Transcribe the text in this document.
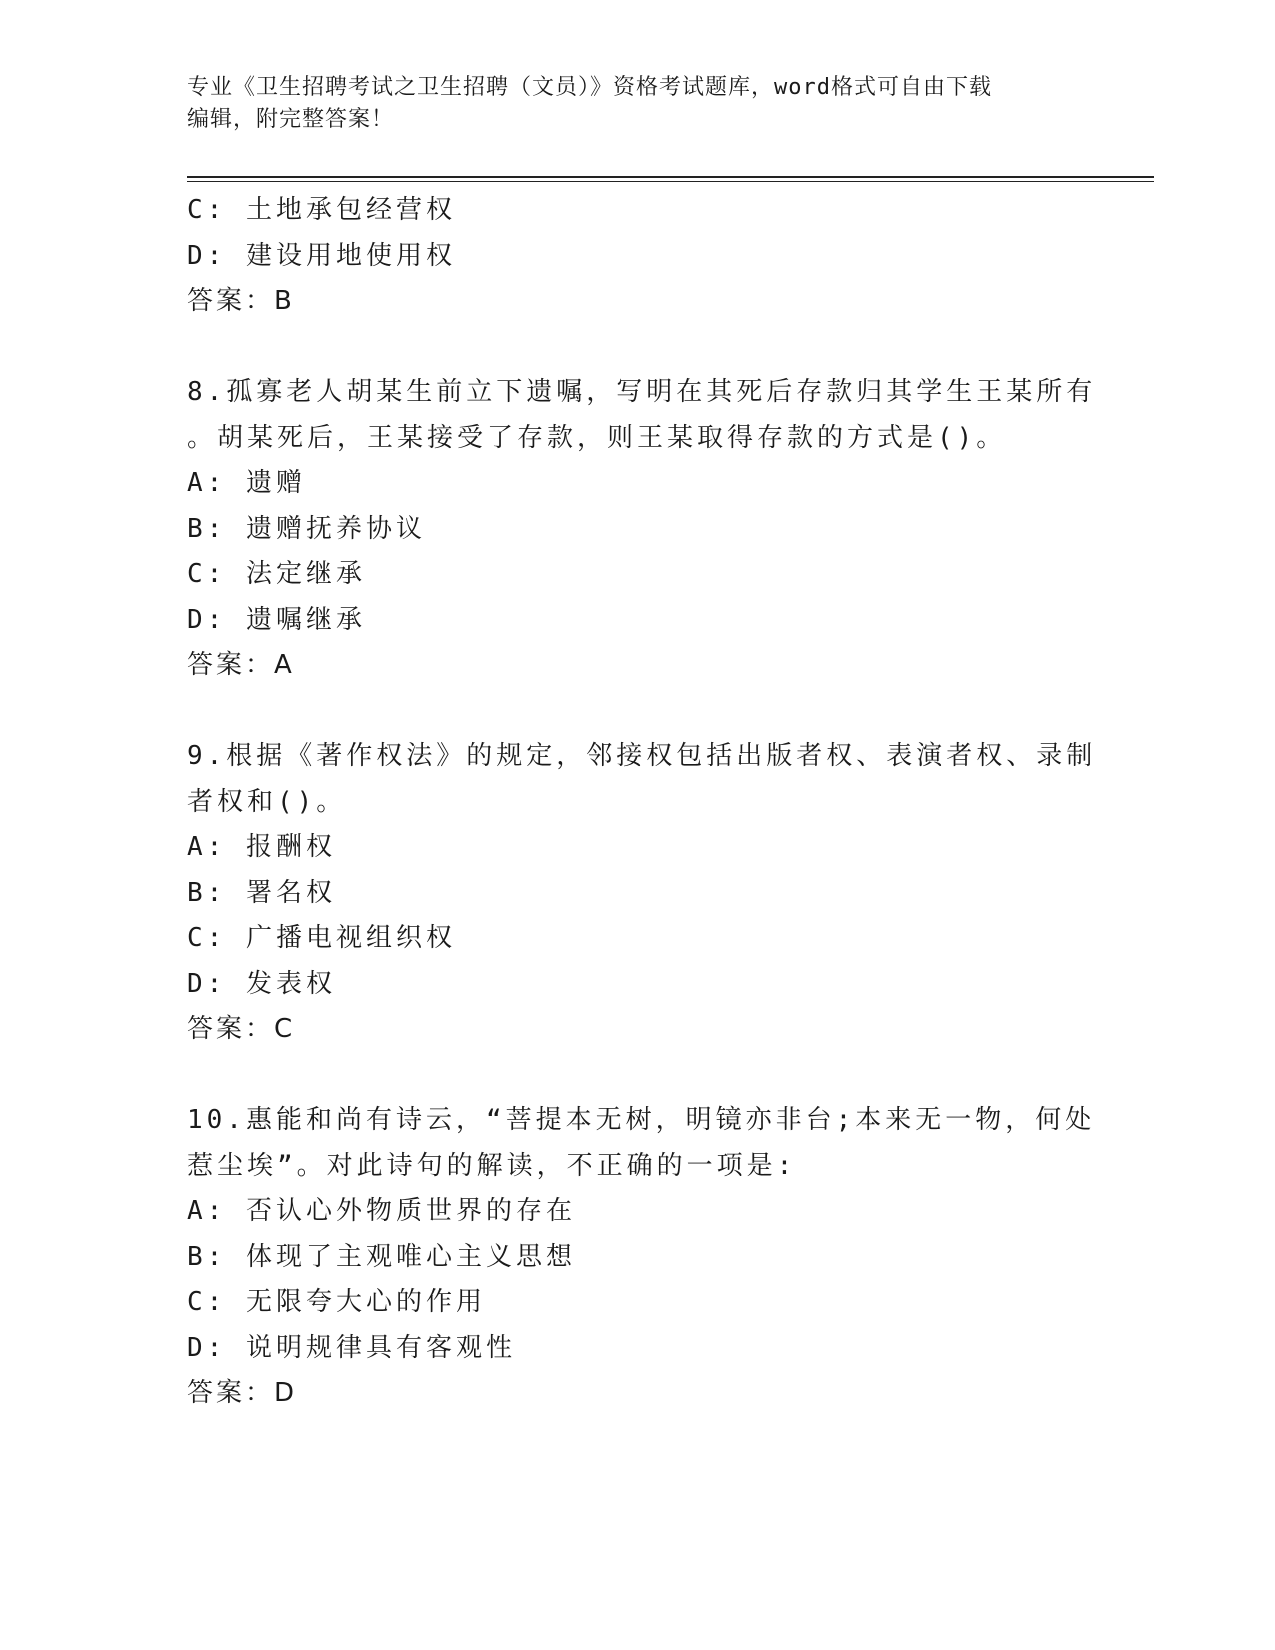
专业《卫生招聘考试之卫生招聘（文员）》资格考试题库，word格式可自由下载
编辑，附完整答案！
C: 土地承包经营权
D: 建设用地使用权
答案：B
8.孤寡老人胡某生前立下遗嘱，写明在其死后存款归其学生王某所有
。胡某死后，王某接受了存款，则王某取得存款的方式是()。
A: 遗赠
B: 遗赠抚养协议
C: 法定继承
D: 遗嘱继承
答案：A
9.根据《著作权法》的规定，邻接权包括出版者权、表演者权、录制
者权和()。
A: 报酬权
B: 署名权
C: 广播电视组织权
D: 发表权
答案：C
10.惠能和尚有诗云，“菩提本无树，明镜亦非台;本来无一物，何处
惹尘埃”。对此诗句的解读，不正确的一项是:
A: 否认心外物质世界的存在
B: 体现了主观唯心主义思想
C: 无限夸大心的作用
D: 说明规律具有客观性
答案：D
